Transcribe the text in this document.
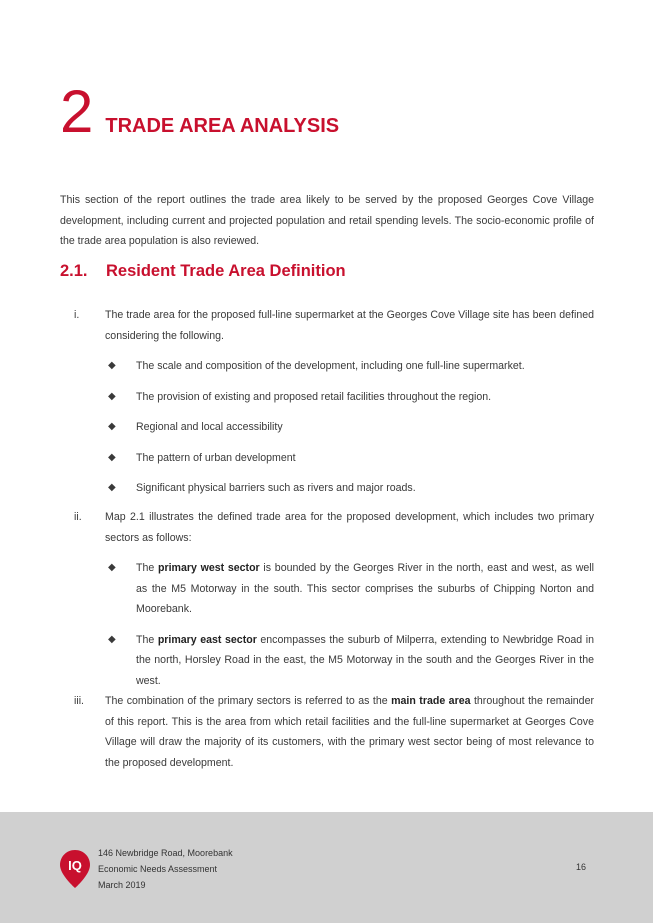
2 TRADE AREA ANALYSIS

This section of the report outlines the trade area likely to be served by the proposed Georges Cove Village development, including current and projected population and retail spending levels. The socio-economic profile of the trade area population is also reviewed.

2.1. Resident Trade Area Definition
i. The trade area for the proposed full-line supermarket at the Georges Cove Village site has been defined considering the following.
◆ The scale and composition of the development, including one full-line supermarket.
◆ The provision of existing and proposed retail facilities throughout the region.
◆ Regional and local accessibility
◆ The pattern of urban development
◆ Significant physical barriers such as rivers and major roads.
ii. Map 2.1 illustrates the defined trade area for the proposed development, which includes two primary sectors as follows:
◆ The primary west sector is bounded by the Georges River in the north, east and west, as well as the M5 Motorway in the south. This sector comprises the suburbs of Chipping Norton and Moorebank.
◆ The primary east sector encompasses the suburb of Milperra, extending to Newbridge Road in the north, Horsley Road in the east, the M5 Motorway in the south and the Georges River in the west.
iii. The combination of the primary sectors is referred to as the main trade area throughout the remainder of this report. This is the area from which retail facilities and the full-line supermarket at Georges Cove Village will draw the majority of its customers, with the primary west sector being of most relevance to the proposed development.
IQ
146 Newbridge Road, Moorebank
Economic Needs Assessment
March 2019
16
